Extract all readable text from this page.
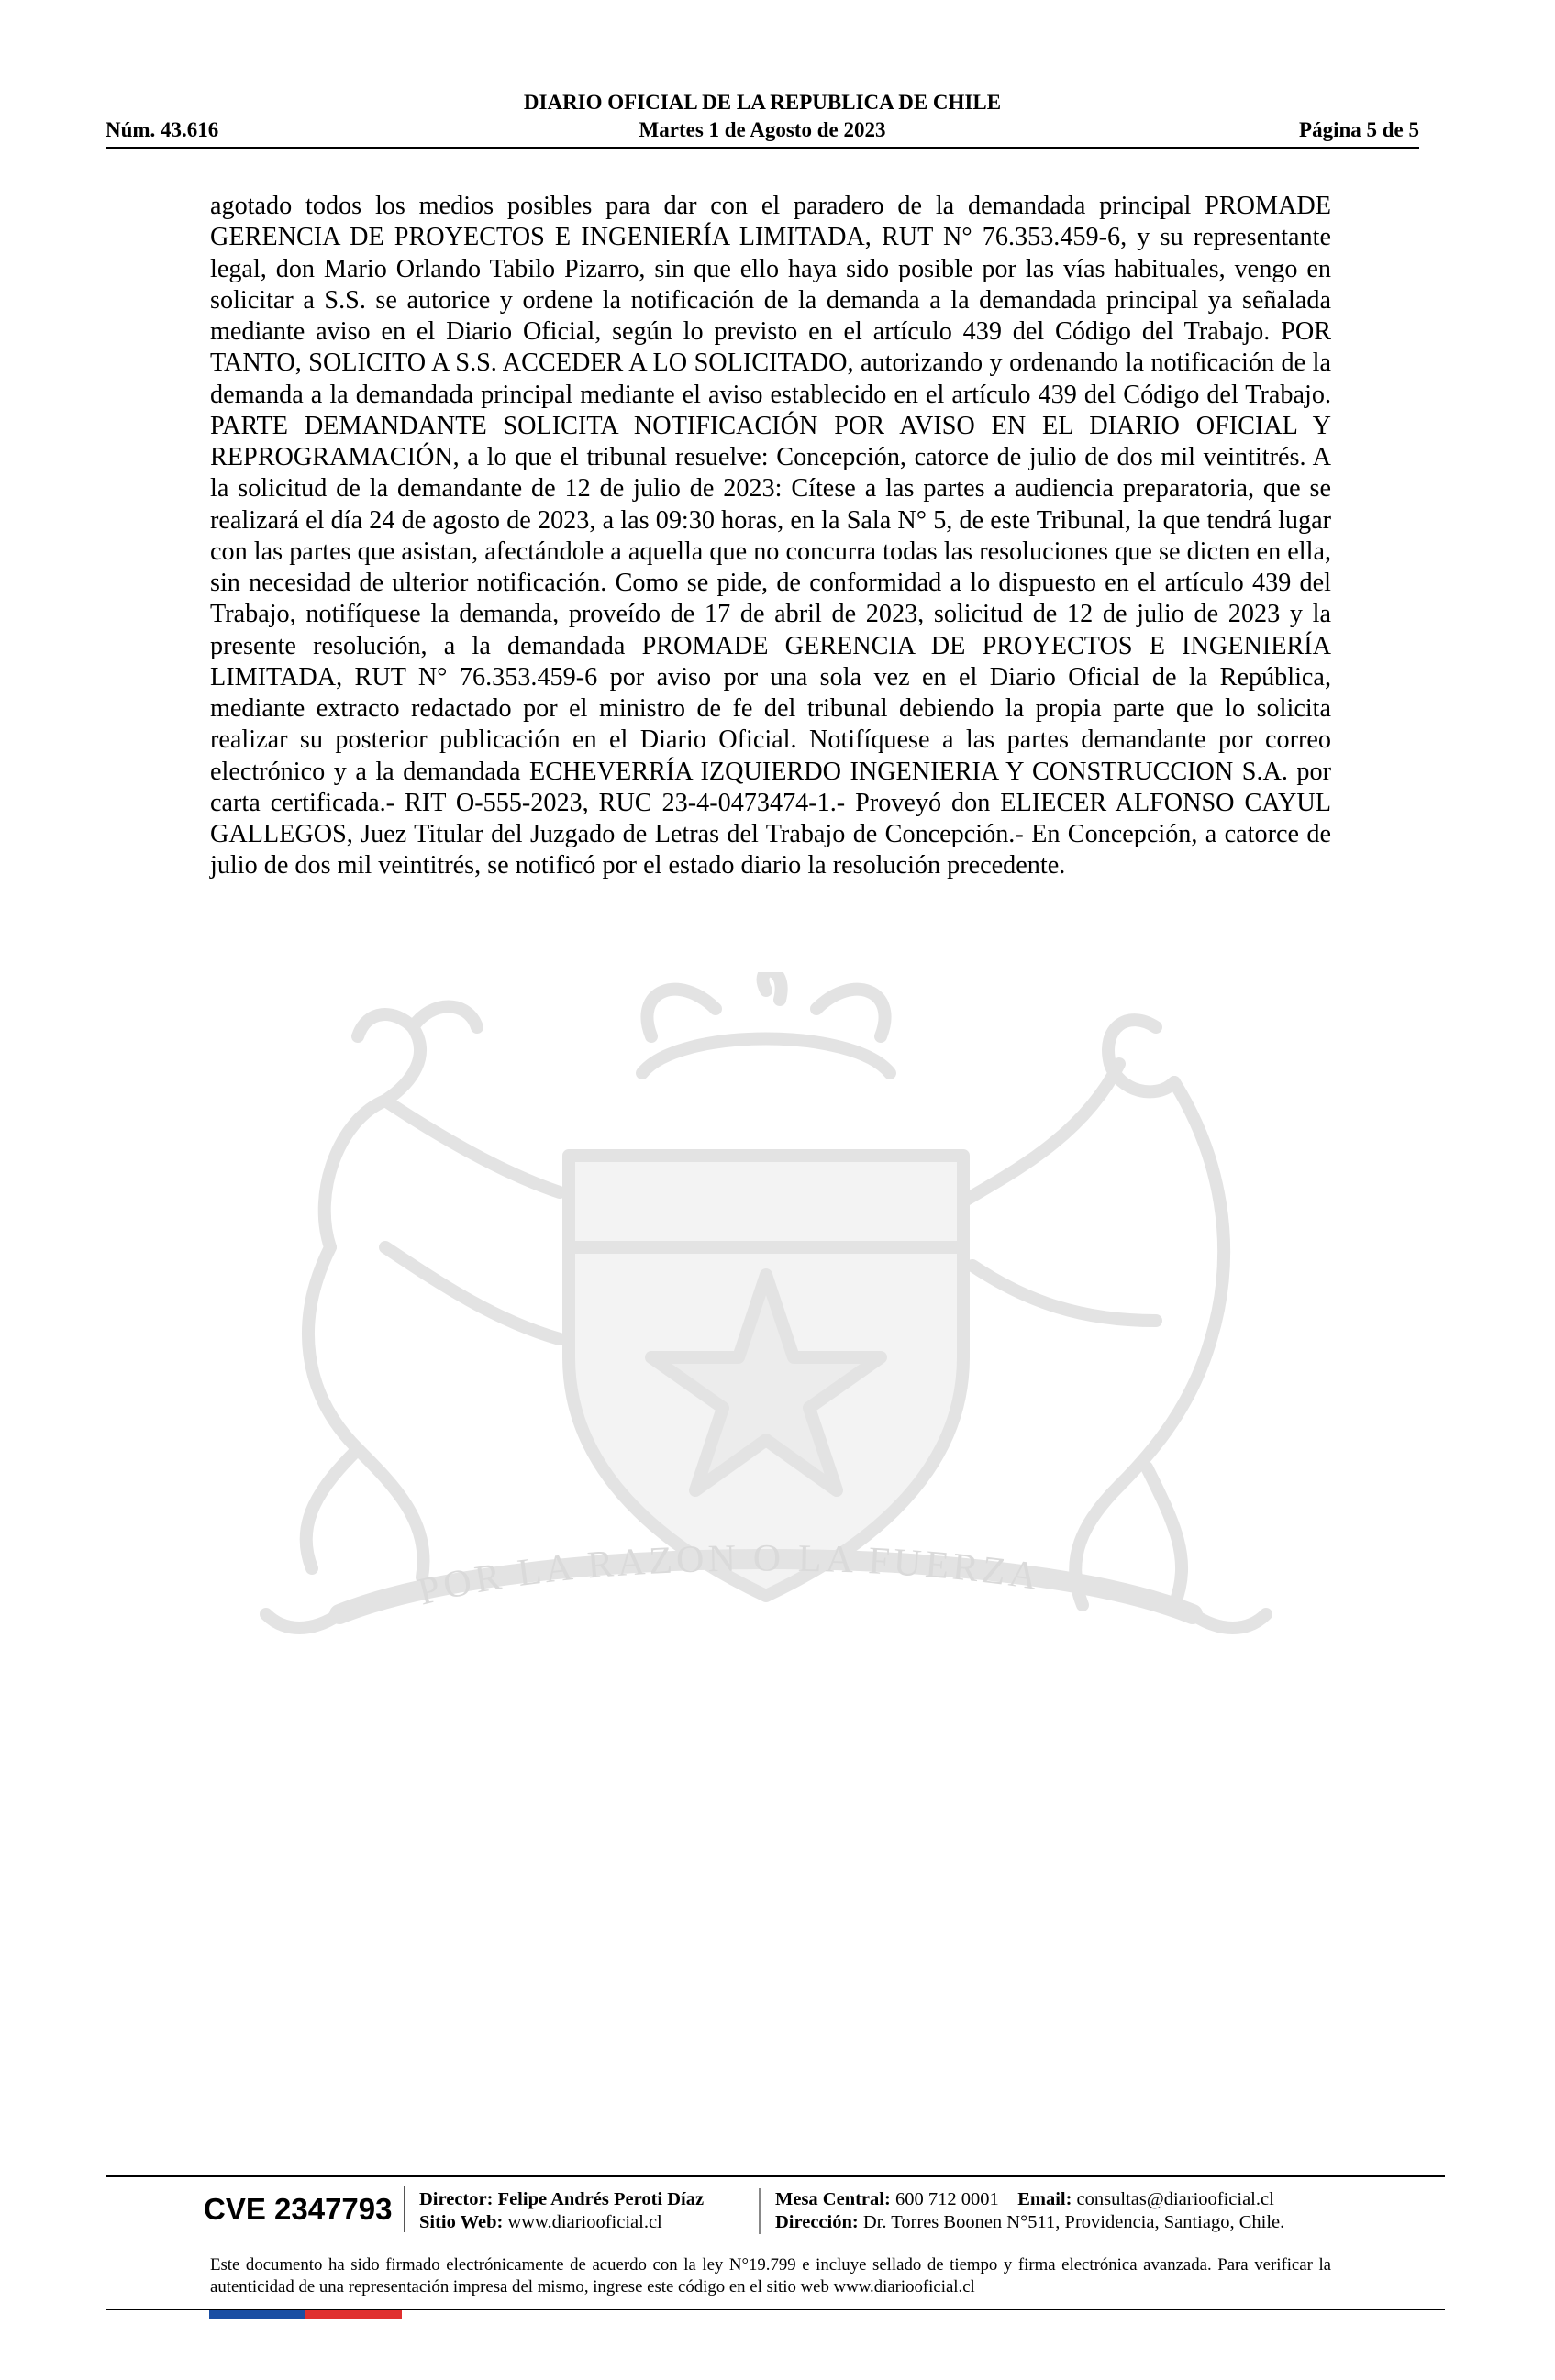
DIARIO OFICIAL DE LA REPUBLICA DE CHILE
Núm. 43.616	Martes 1 de Agosto de 2023	Página 5 de 5
POR LA RAZON O LA FUERZA
agotado todos los medios posibles para dar con el paradero de la demandada principal PROMADE GERENCIA DE PROYECTOS E INGENIERÍA LIMITADA, RUT N° 76.353.459-6, y su representante legal, don Mario Orlando Tabilo Pizarro, sin que ello haya sido posible por las vías habituales, vengo en solicitar a S.S. se autorice y ordene la notificación de la demanda a la demandada principal ya señalada mediante aviso en el Diario Oficial, según lo previsto en el artículo 439 del Código del Trabajo. POR TANTO, SOLICITO A S.S. ACCEDER A LO SOLICITADO, autorizando y ordenando la notificación de la demanda a la demandada principal mediante el aviso establecido en el artículo 439 del Código del Trabajo. PARTE DEMANDANTE SOLICITA NOTIFICACIÓN POR AVISO EN EL DIARIO OFICIAL Y REPROGRAMACIÓN, a lo que el tribunal resuelve: Concepción, catorce de julio de dos mil veintitrés. A la solicitud de la demandante de 12 de julio de 2023: Cítese a las partes a audiencia preparatoria, que se realizará el día 24 de agosto de 2023, a las 09:30 horas, en la Sala N° 5, de este Tribunal, la que tendrá lugar con las partes que asistan, afectándole a aquella que no concurra todas las resoluciones que se dicten en ella, sin necesidad de ulterior notificación. Como se pide, de conformidad a lo dispuesto en el artículo 439 del Trabajo, notifíquese la demanda, proveído de 17 de abril de 2023, solicitud de 12 de julio de 2023 y la presente resolución, a la demandada PROMADE GERENCIA DE PROYECTOS E INGENIERÍA LIMITADA, RUT N° 76.353.459-6 por aviso por una sola vez en el Diario Oficial de la República, mediante extracto redactado por el ministro de fe del tribunal debiendo la propia parte que lo solicita realizar su posterior publicación en el Diario Oficial. Notifíquese a las partes demandante por correo electrónico y a la demandada ECHEVERRÍA IZQUIERDO INGENIERIA Y CONSTRUCCION S.A. por carta certificada.- RIT O-555-2023, RUC 23-4-0473474-1.- Proveyó don ELIECER ALFONSO CAYUL GALLEGOS, Juez Titular del Juzgado de Letras del Trabajo de Concepción.- En Concepción, a catorce de julio de dos mil veintitrés, se notificó por el estado diario la resolución precedente.
CVE 2347793	Director: Felipe Andrés Peroti Díaz
Sitio Web: www.diariooficial.cl
Mesa Central: 600 712 0001 Email: consultas@diariooficial.cl
Dirección: Dr. Torres Boonen N°511, Providencia, Santiago, Chile.
Este documento ha sido firmado electrónicamente de acuerdo con la ley N°19.799 e incluye sellado de tiempo y firma electrónica avanzada. Para verificar la autenticidad de una representación impresa del mismo, ingrese este código en el sitio web www.diariooficial.cl
